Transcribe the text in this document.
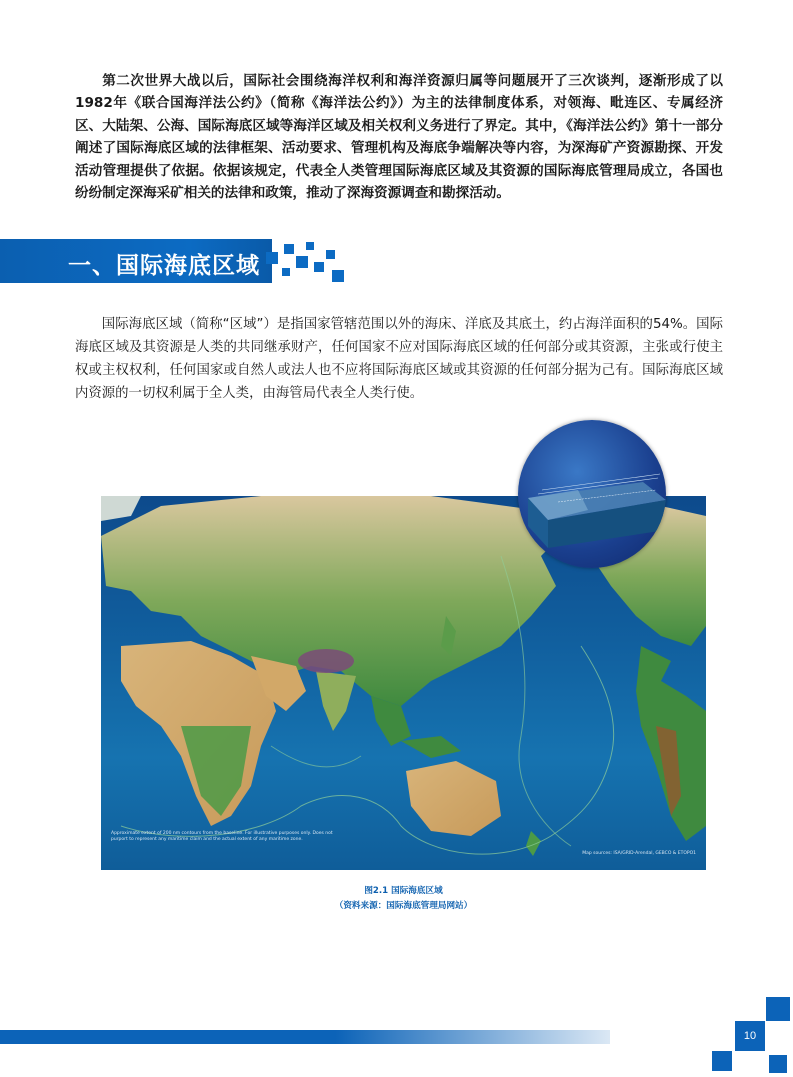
第二次世界大战以后，国际社会围绕海洋权利和海洋资源归属等问题展开了三次谈判，逐渐形成了以1982年《联合国海洋法公约》（简称《海洋法公约》）为主的法律制度体系，对领海、毗连区、专属经济区、大陆架、公海、国际海底区域等海洋区域及相关权利义务进行了界定。其中，《海洋法公约》第十一部分阐述了国际海底区域的法律框架、活动要求、管理机构及海底争端解决等内容，为深海矿产资源勘探、开发活动管理提供了依据。依据该规定，代表全人类管理国际海底区域及其资源的国际海底管理局成立，各国也纷纷制定深海采矿相关的法律和政策，推动了深海资源调查和勘探活动。

一、国际海底区域

国际海底区域（简称“区域”）是指国家管辖范围以外的海床、洋底及其底土，约占海洋面积的54%。国际海底区域及其资源是人类的共同继承财产，任何国家不应对国际海底区域的任何部分或其资源，主张或行使主权或主权权利，任何国家或自然人或法人也不应将国际海底区域或其资源的任何部分据为己有。国际海底区域内资源的一切权利属于全人类，由海管局代表全人类行使。

Approximate extent of 200 nm contours from the baseline. For illustrative purposes only. Does not purport to represent any maritime claim and the actual extent of any maritime zone.
Map sources: ISA/GRID-Arendal, GEBCO & ETOPO1

图2.1 国际海底区域

（资料来源：国际海底管理局网站）

10
